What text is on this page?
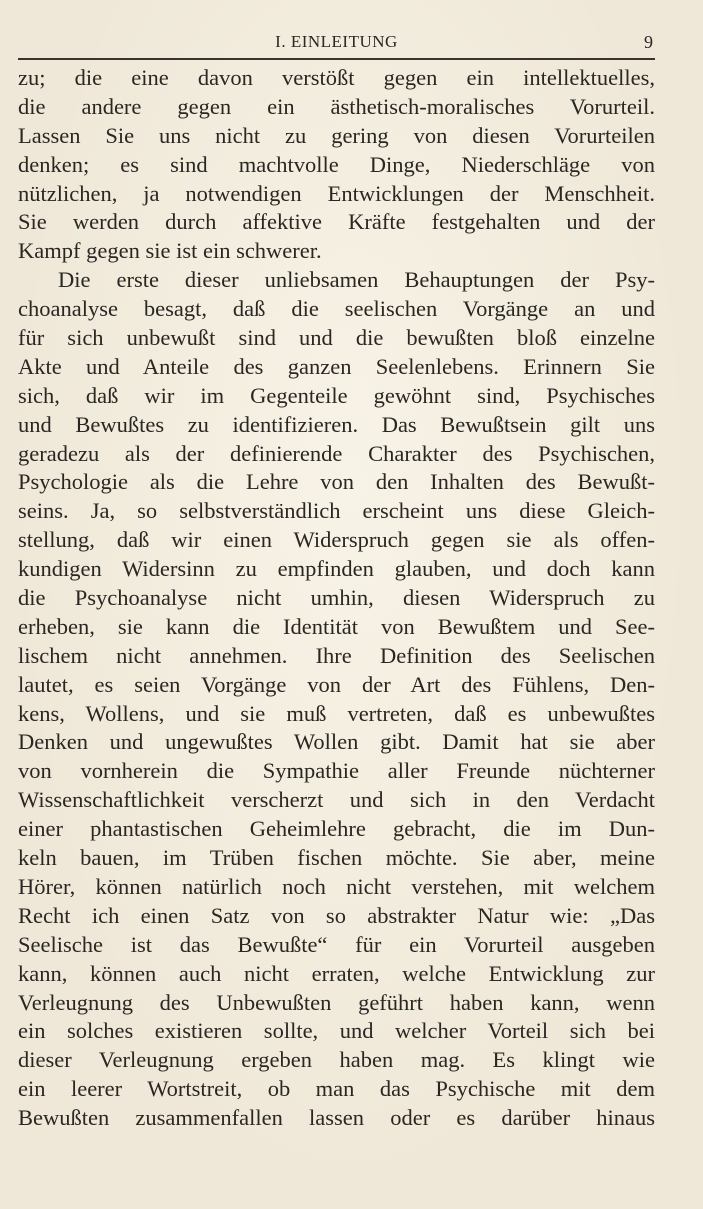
I. EINLEITUNG	9
zu; die eine davon verstößt gegen ein intellektuelles,
die andere gegen ein ästhetisch-moralisches Vorurteil.
Lassen Sie uns nicht zu gering von diesen Vorurteilen
denken; es sind machtvolle Dinge, Niederschläge von
nützlichen, ja notwendigen Entwicklungen der Menschheit.
Sie werden durch affektive Kräfte festgehalten und der
Kampf gegen sie ist ein schwerer.
Die erste dieser unliebsamen Behauptungen der Psy-
choanalyse besagt, daß die seelischen Vorgänge an und
für sich unbewußt sind und die bewußten bloß einzelne
Akte und Anteile des ganzen Seelenlebens. Erinnern Sie
sich, daß wir im Gegenteile gewöhnt sind, Psychisches
und Bewußtes zu identifizieren. Das Bewußtsein gilt uns
geradezu als der definierende Charakter des Psychischen,
Psychologie als die Lehre von den Inhalten des Bewußt-
seins. Ja, so selbstverständlich erscheint uns diese Gleich-
stellung, daß wir einen Widerspruch gegen sie als offen-
kundigen Widersinn zu empfinden glauben, und doch kann
die Psychoanalyse nicht umhin, diesen Widerspruch zu
erheben, sie kann die Identität von Bewußtem und See-
lischem nicht annehmen. Ihre Definition des Seelischen
lautet, es seien Vorgänge von der Art des Fühlens, Den-
kens, Wollens, und sie muß vertreten, daß es unbewußtes
Denken und ungewußtes Wollen gibt. Damit hat sie aber
von vornherein die Sympathie aller Freunde nüchterner
Wissenschaftlichkeit verscherzt und sich in den Verdacht
einer phantastischen Geheimlehre gebracht, die im Dun-
keln bauen, im Trüben fischen möchte. Sie aber, meine
Hörer, können natürlich noch nicht verstehen, mit welchem
Recht ich einen Satz von so abstrakter Natur wie: „Das
Seelische ist das Bewußte“ für ein Vorurteil ausgeben
kann, können auch nicht erraten, welche Entwicklung zur
Verleugnung des Unbewußten geführt haben kann, wenn
ein solches existieren sollte, und welcher Vorteil sich bei
dieser Verleugnung ergeben haben mag. Es klingt wie
ein leerer Wortstreit, ob man das Psychische mit dem
Bewußten zusammenfallen lassen oder es darüber hinaus
